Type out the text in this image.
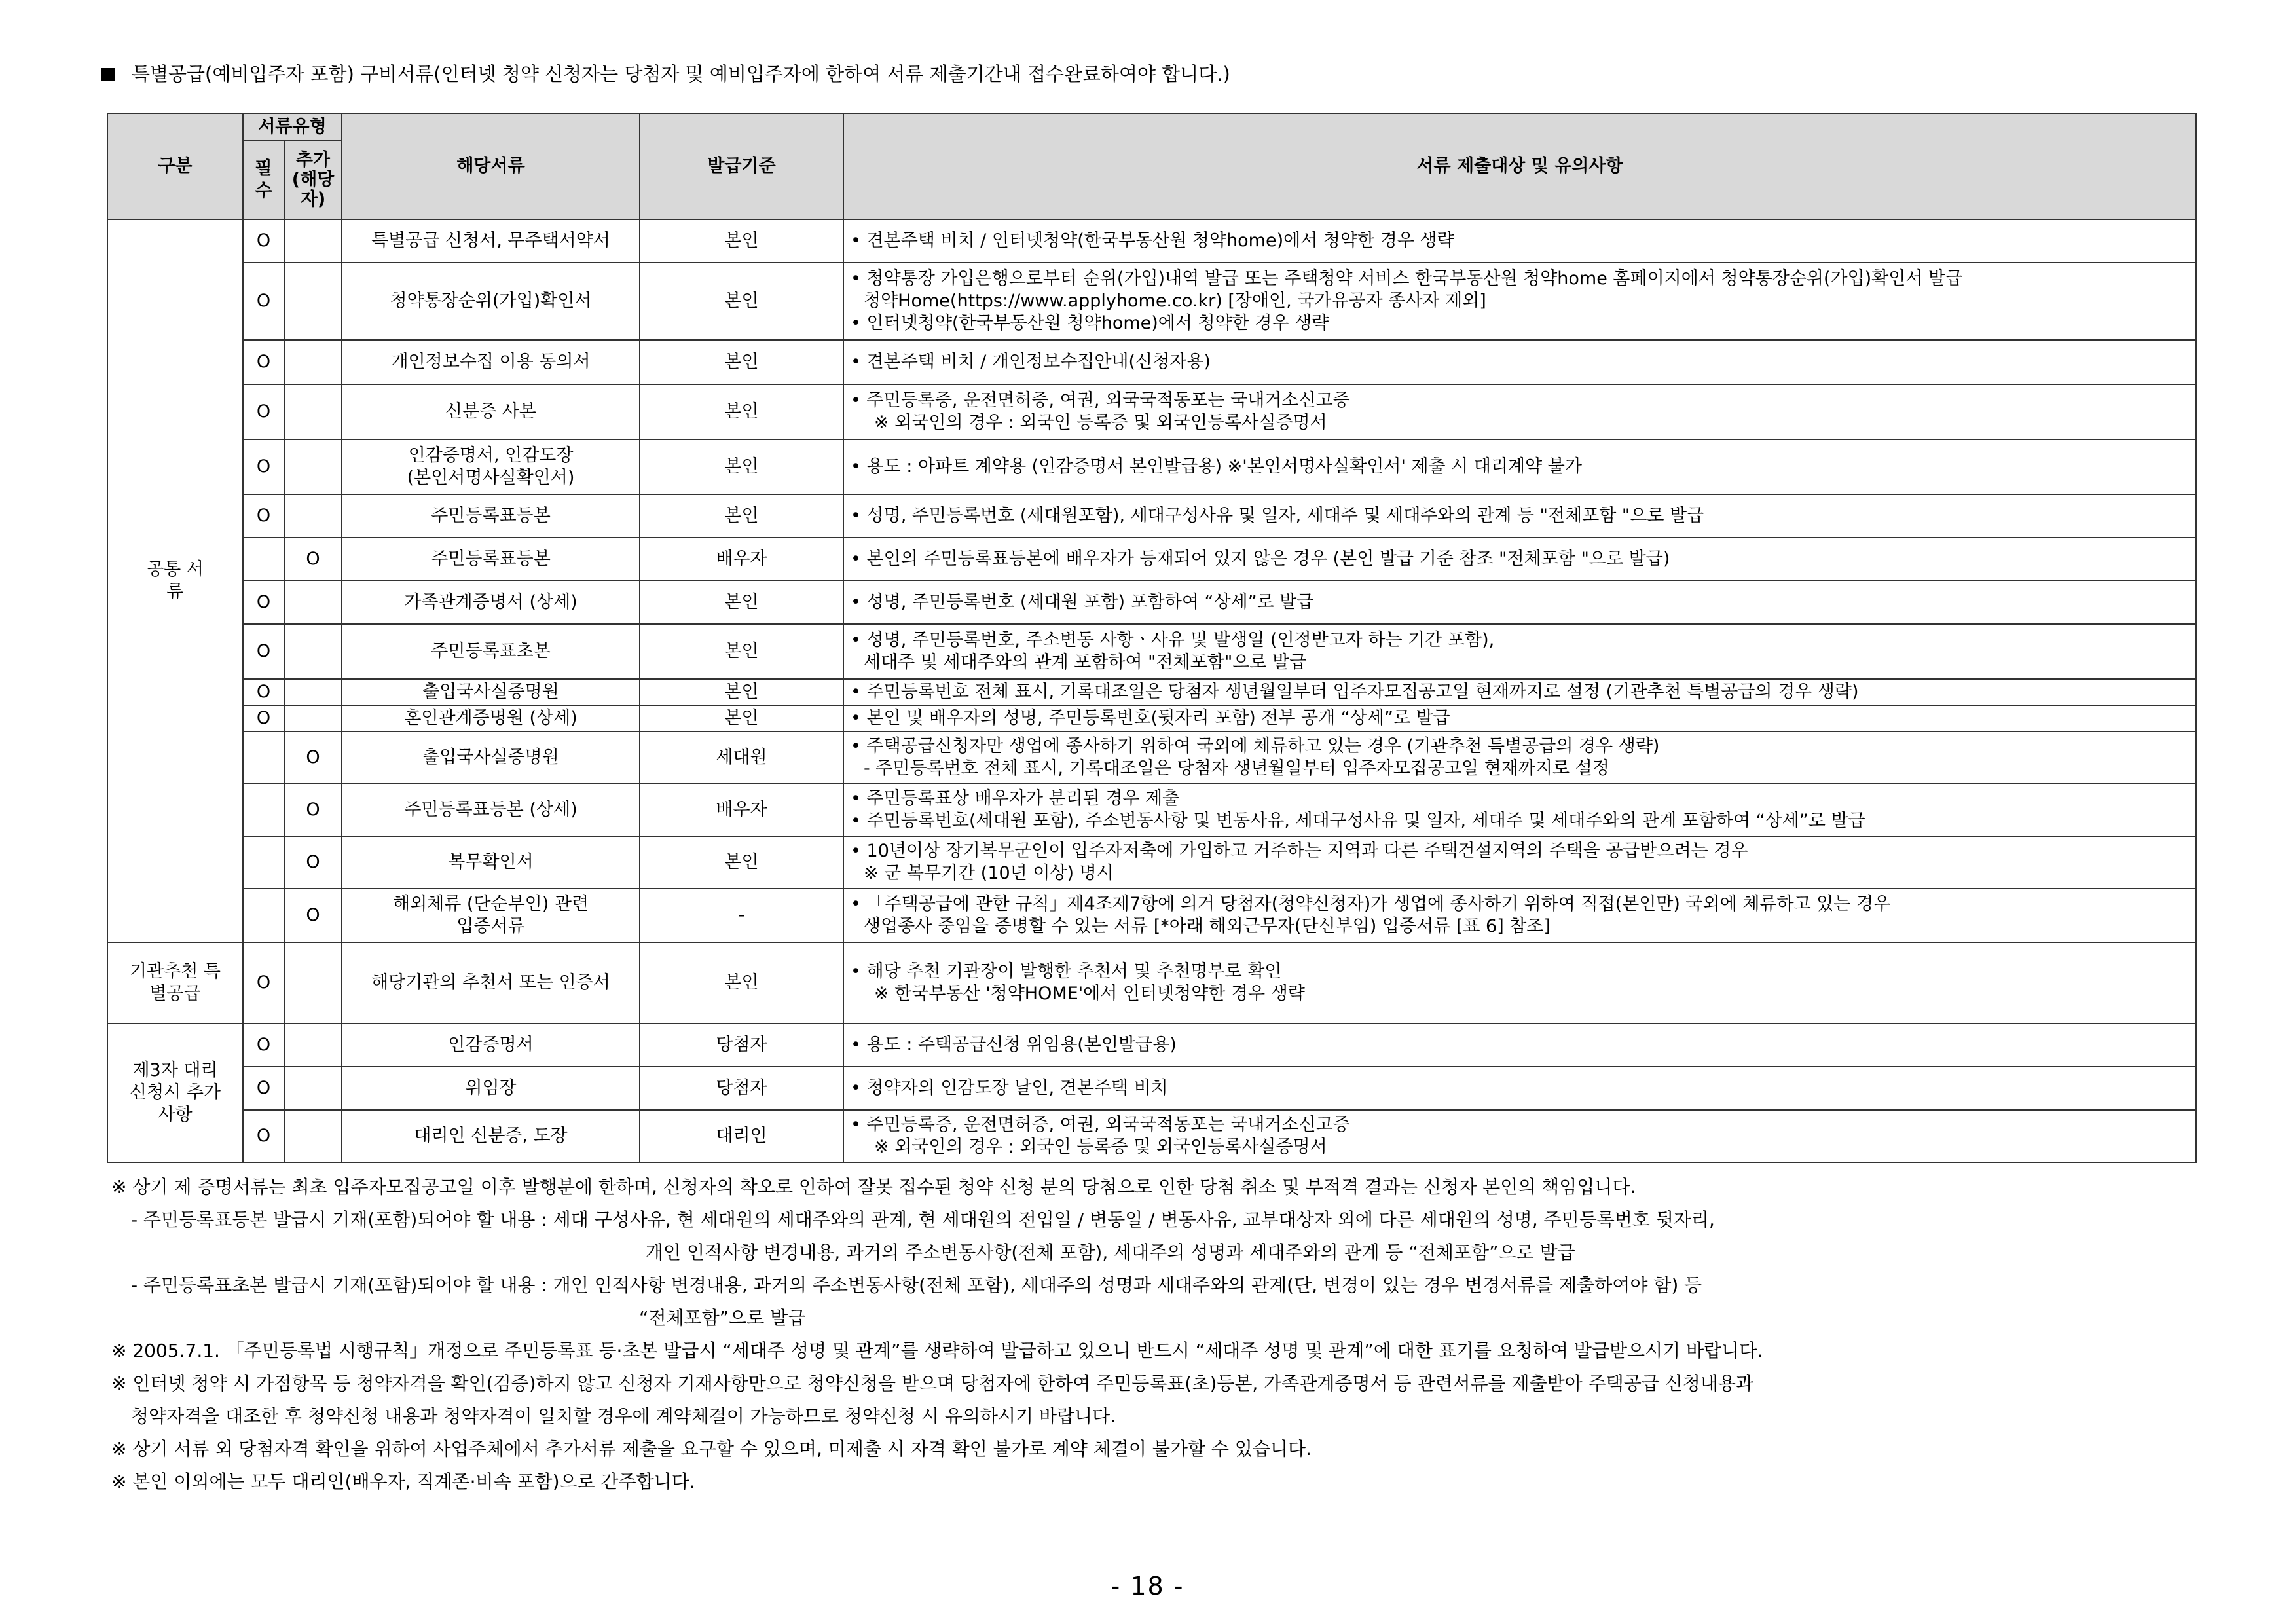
특별공급(예비입주자 포함) 구비서류(인터넷 청약 신청자는 당첨자 및 예비입주자에 한하여 서류 제출기간내 접수완료하여야 합니다.)
구분	서류유형		해당서류	발급기준	서류 제출대상 및 유의사항
	필수	추가 (해당자)			
공통 서류	O		특별공급 신청서, 무주택서약서	본인	• 견본주택 비치 / 인터넷청약(한국부동산원 청약home)에서 청약한 경우 생략

	O		청약통장순위(가입)확인서	본인	• 청약통장 가입은행으로부터 순위(가입)내역 발급 또는 주택청약 서비스 한국부동산원 청약home 홈페이지에서 청약통장순위(가입)확인서 발급
청약Home(https://www.applyhome.co.kr) [장애인, 국가유공자 종사자 제외]
• 인터넷청약(한국부동산원 청약home)에서 청약한 경우 생략

	O		개인정보수집 이용 동의서	본인	• 견본주택 비치 / 개인정보수집안내(신청자용)

	O		신분증 사본	본인	• 주민등록증, 운전면허증, 여권, 외국국적동포는 국내거소신고증
※ 외국인의 경우 : 외국인 등록증 및 외국인등록사실증명서

	O		인감증명서, 인감도장
(본인서명사실확인서)	본인	• 용도 : 아파트 계약용 (인감증명서 본인발급용) ※'본인서명사실확인서' 제출 시 대리계약 불가

	O		주민등록표등본	본인	• 성명, 주민등록번호 (세대원포함), 세대구성사유 및 일자, 세대주 및 세대주와의 관계 등 "전체포함 "으로 발급

		O	주민등록표등본	배우자	• 본인의 주민등록표등본에 배우자가 등재되어 있지 않은 경우 (본인 발급 기준 참조 "전체포함 "으로 발급)

	O		가족관계증명서 (상세)	본인	• 성명, 주민등록번호 (세대원 포함) 포함하여 “상세”로 발급

	O		주민등록표초본	본인	• 성명, 주민등록번호, 주소변동 사항ㆍ사유 및 발생일 (인정받고자 하는 기간 포함),
세대주 및 세대주와의 관계 포함하여 "전체포함"으로 발급

	O		출입국사실증명원	본인	• 주민등록번호 전체 표시, 기록대조일은 당첨자 생년월일부터 입주자모집공고일 현재까지로 설정 (기관추천 특별공급의 경우 생략)

	O		혼인관계증명원 (상세)	본인	• 본인 및 배우자의 성명, 주민등록번호(뒷자리 포함) 전부 공개 “상세”로 발급

		O	출입국사실증명원	세대원	• 주택공급신청자만 생업에 종사하기 위하여 국외에 체류하고 있는 경우 (기관추천 특별공급의 경우 생략)
- 주민등록번호 전체 표시, 기록대조일은 당첨자 생년월일부터 입주자모집공고일 현재까지로 설정

		O	주민등록표등본 (상세)	배우자	• 주민등록표상 배우자가 분리된 경우 제출
• 주민등록번호(세대원 포함), 주소변동사항 및 변동사유, 세대구성사유 및 일자, 세대주 및 세대주와의 관계 포함하여 “상세”로 발급

		O	복무확인서	본인	• 10년이상 장기복무군인이 입주자저축에 가입하고 거주하는 지역과 다른 주택건설지역의 주택을 공급받으려는 경우
※ 군 복무기간 (10년 이상) 명시

		O	해외체류 (단순부인) 관련
입증서류	-	• 「주택공급에 관한 규칙」제4조제7항에 의거 당첨자(청약신청자)가 생업에 종사하기 위하여 직접(본인만) 국외에 체류하고 있는 경우
생업종사 중임을 증명할 수 있는 서류 [*아래 해외근무자(단신부임) 입증서류 [표 6] 참조]

기관추천 특별공급	O		해당기관의 추천서 또는 인증서	본인	• 해당 추천 기관장이 발행한 추천서 및 추천명부로 확인
※ 한국부동산 '청약HOME'에서 인터넷청약한 경우 생략

제3자 대리신청시 추가사항	O		인감증명서	당첨자	• 용도 : 주택공급신청 위임용(본인발급용)

	O		위임장	당첨자	• 청약자의 인감도장 날인, 견본주택 비치

	O		대리인 신분증, 도장	대리인	• 주민등록증, 운전면허증, 여권, 외국국적동포는 국내거소신고증
※ 외국인의 경우 : 외국인 등록증 및 외국인등록사실증명서
※ 상기 제 증명서류는 최초 입주자모집공고일 이후 발행분에 한하며, 신청자의 착오로 인하여 잘못 접수된 청약 신청 분의 당첨으로 인한 당첨 취소 및 부적격 결과는 신청자 본인의 책임입니다.
- 주민등록표등본 발급시 기재(포함)되어야 할 내용 : 세대 구성사유, 현 세대원의 세대주와의 관계, 현 세대원의 전입일 / 변동일 / 변동사유, 교부대상자 외에 다른 세대원의 성명, 주민등록번호 뒷자리,
개인 인적사항 변경내용, 과거의 주소변동사항(전체 포함), 세대주의 성명과 세대주와의 관계 등 “전체포함”으로 발급
- 주민등록표초본 발급시 기재(포함)되어야 할 내용 : 개인 인적사항 변경내용, 과거의 주소변동사항(전체 포함), 세대주의 성명과 세대주와의 관계(단, 변경이 있는 경우 변경서류를 제출하여야 함) 등
“전체포함”으로 발급
※ 2005.7.1. 「주민등록법 시행규칙」개정으로 주민등록표 등·초본 발급시 “세대주 성명 및 관계”를 생략하여 발급하고 있으니 반드시 “세대주 성명 및 관계”에 대한 표기를 요청하여 발급받으시기 바랍니다.
※ 인터넷 청약 시 가점항목 등 청약자격을 확인(검증)하지 않고 신청자 기재사항만으로 청약신청을 받으며 당첨자에 한하여 주민등록표(초)등본, 가족관계증명서 등 관련서류를 제출받아 주택공급 신청내용과
청약자격을 대조한 후 청약신청 내용과 청약자격이 일치할 경우에 계약체결이 가능하므로 청약신청 시 유의하시기 바랍니다.
※ 상기 서류 외 당첨자격 확인을 위하여 사업주체에서 추가서류 제출을 요구할 수 있으며, 미제출 시 자격 확인 불가로 계약 체결이 불가할 수 있습니다.
※ 본인 이외에는 모두 대리인(배우자, 직계존·비속 포함)으로 간주합니다.
- 18 -
